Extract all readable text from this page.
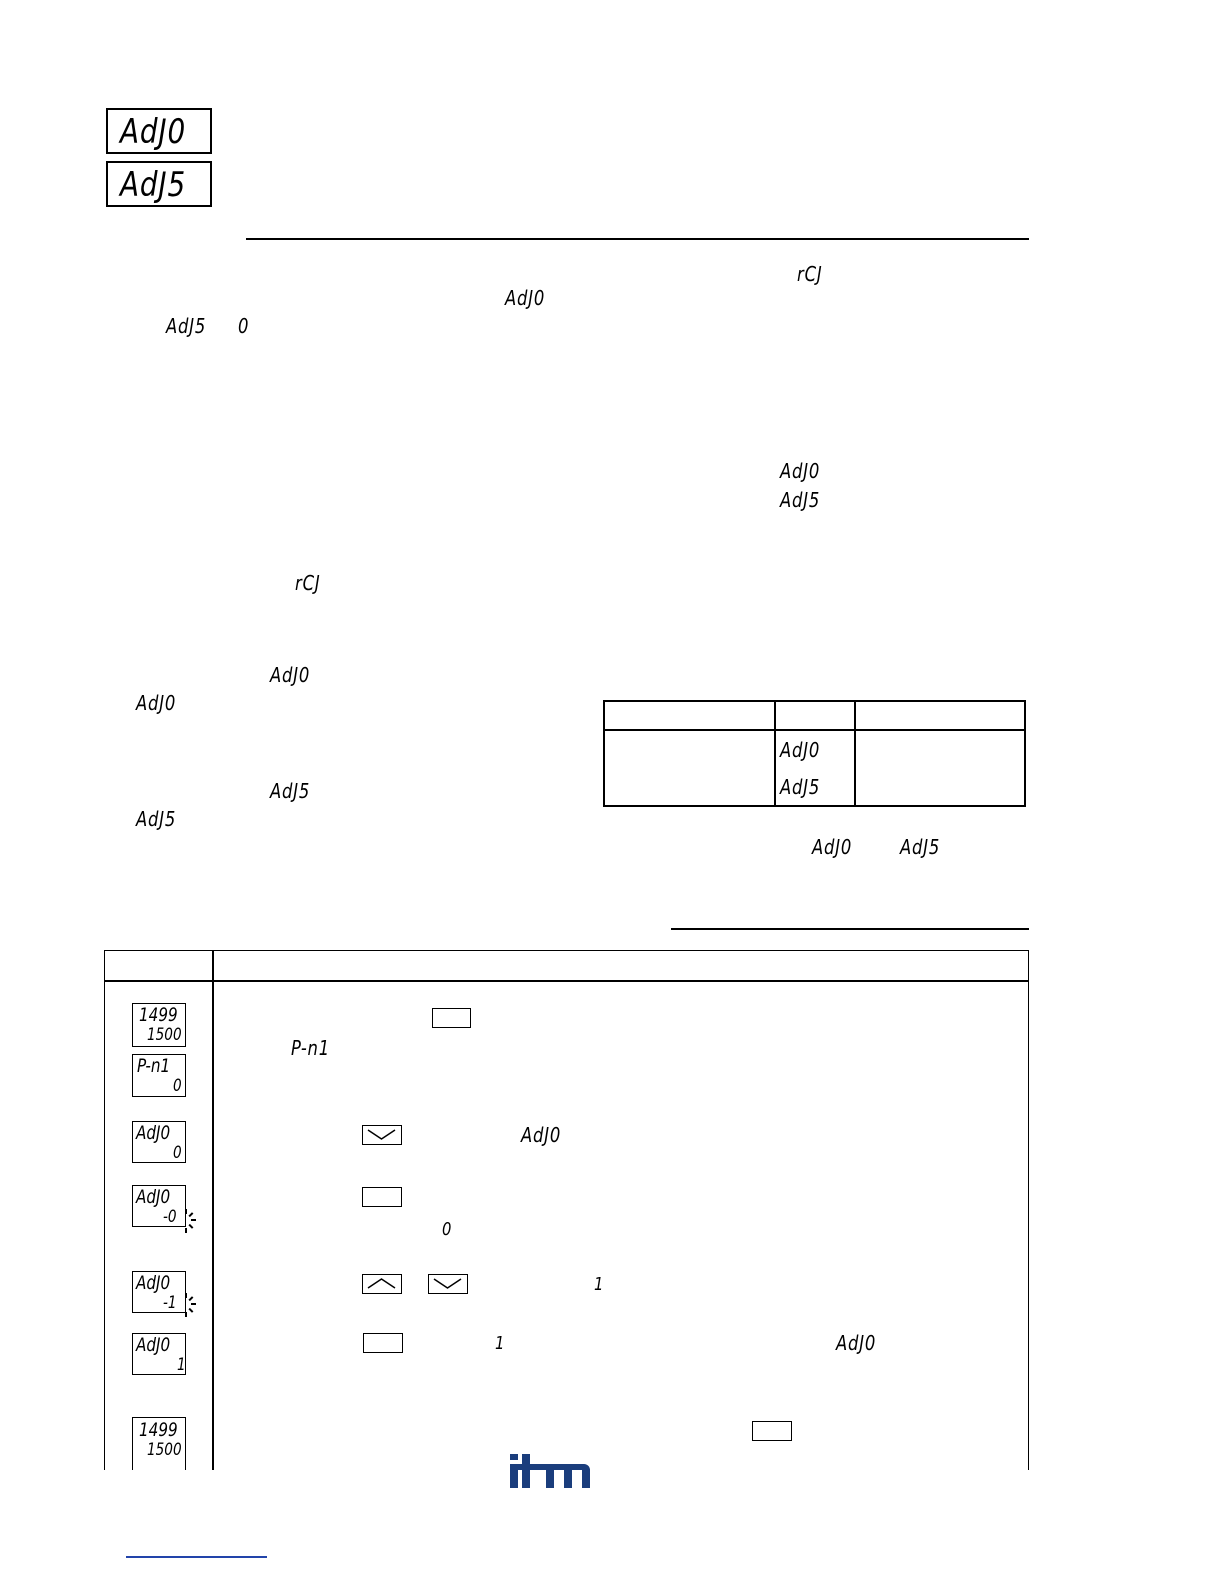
AdJ0
AdJ5
rCJ
AdJ0
AdJ5 0
AdJ0
AdJ5
rCJ
AdJ0
AdJ0
AdJ5
AdJ5
AdJ0 AdJ5
AdJ0
AdJ5
1499
1500
P-n1
0
AdJ0
0
AdJ0
-0
AdJ0
-1
AdJ0
1
1499
1500
P-n1
AdJ0
0
1
1	AdJ0
